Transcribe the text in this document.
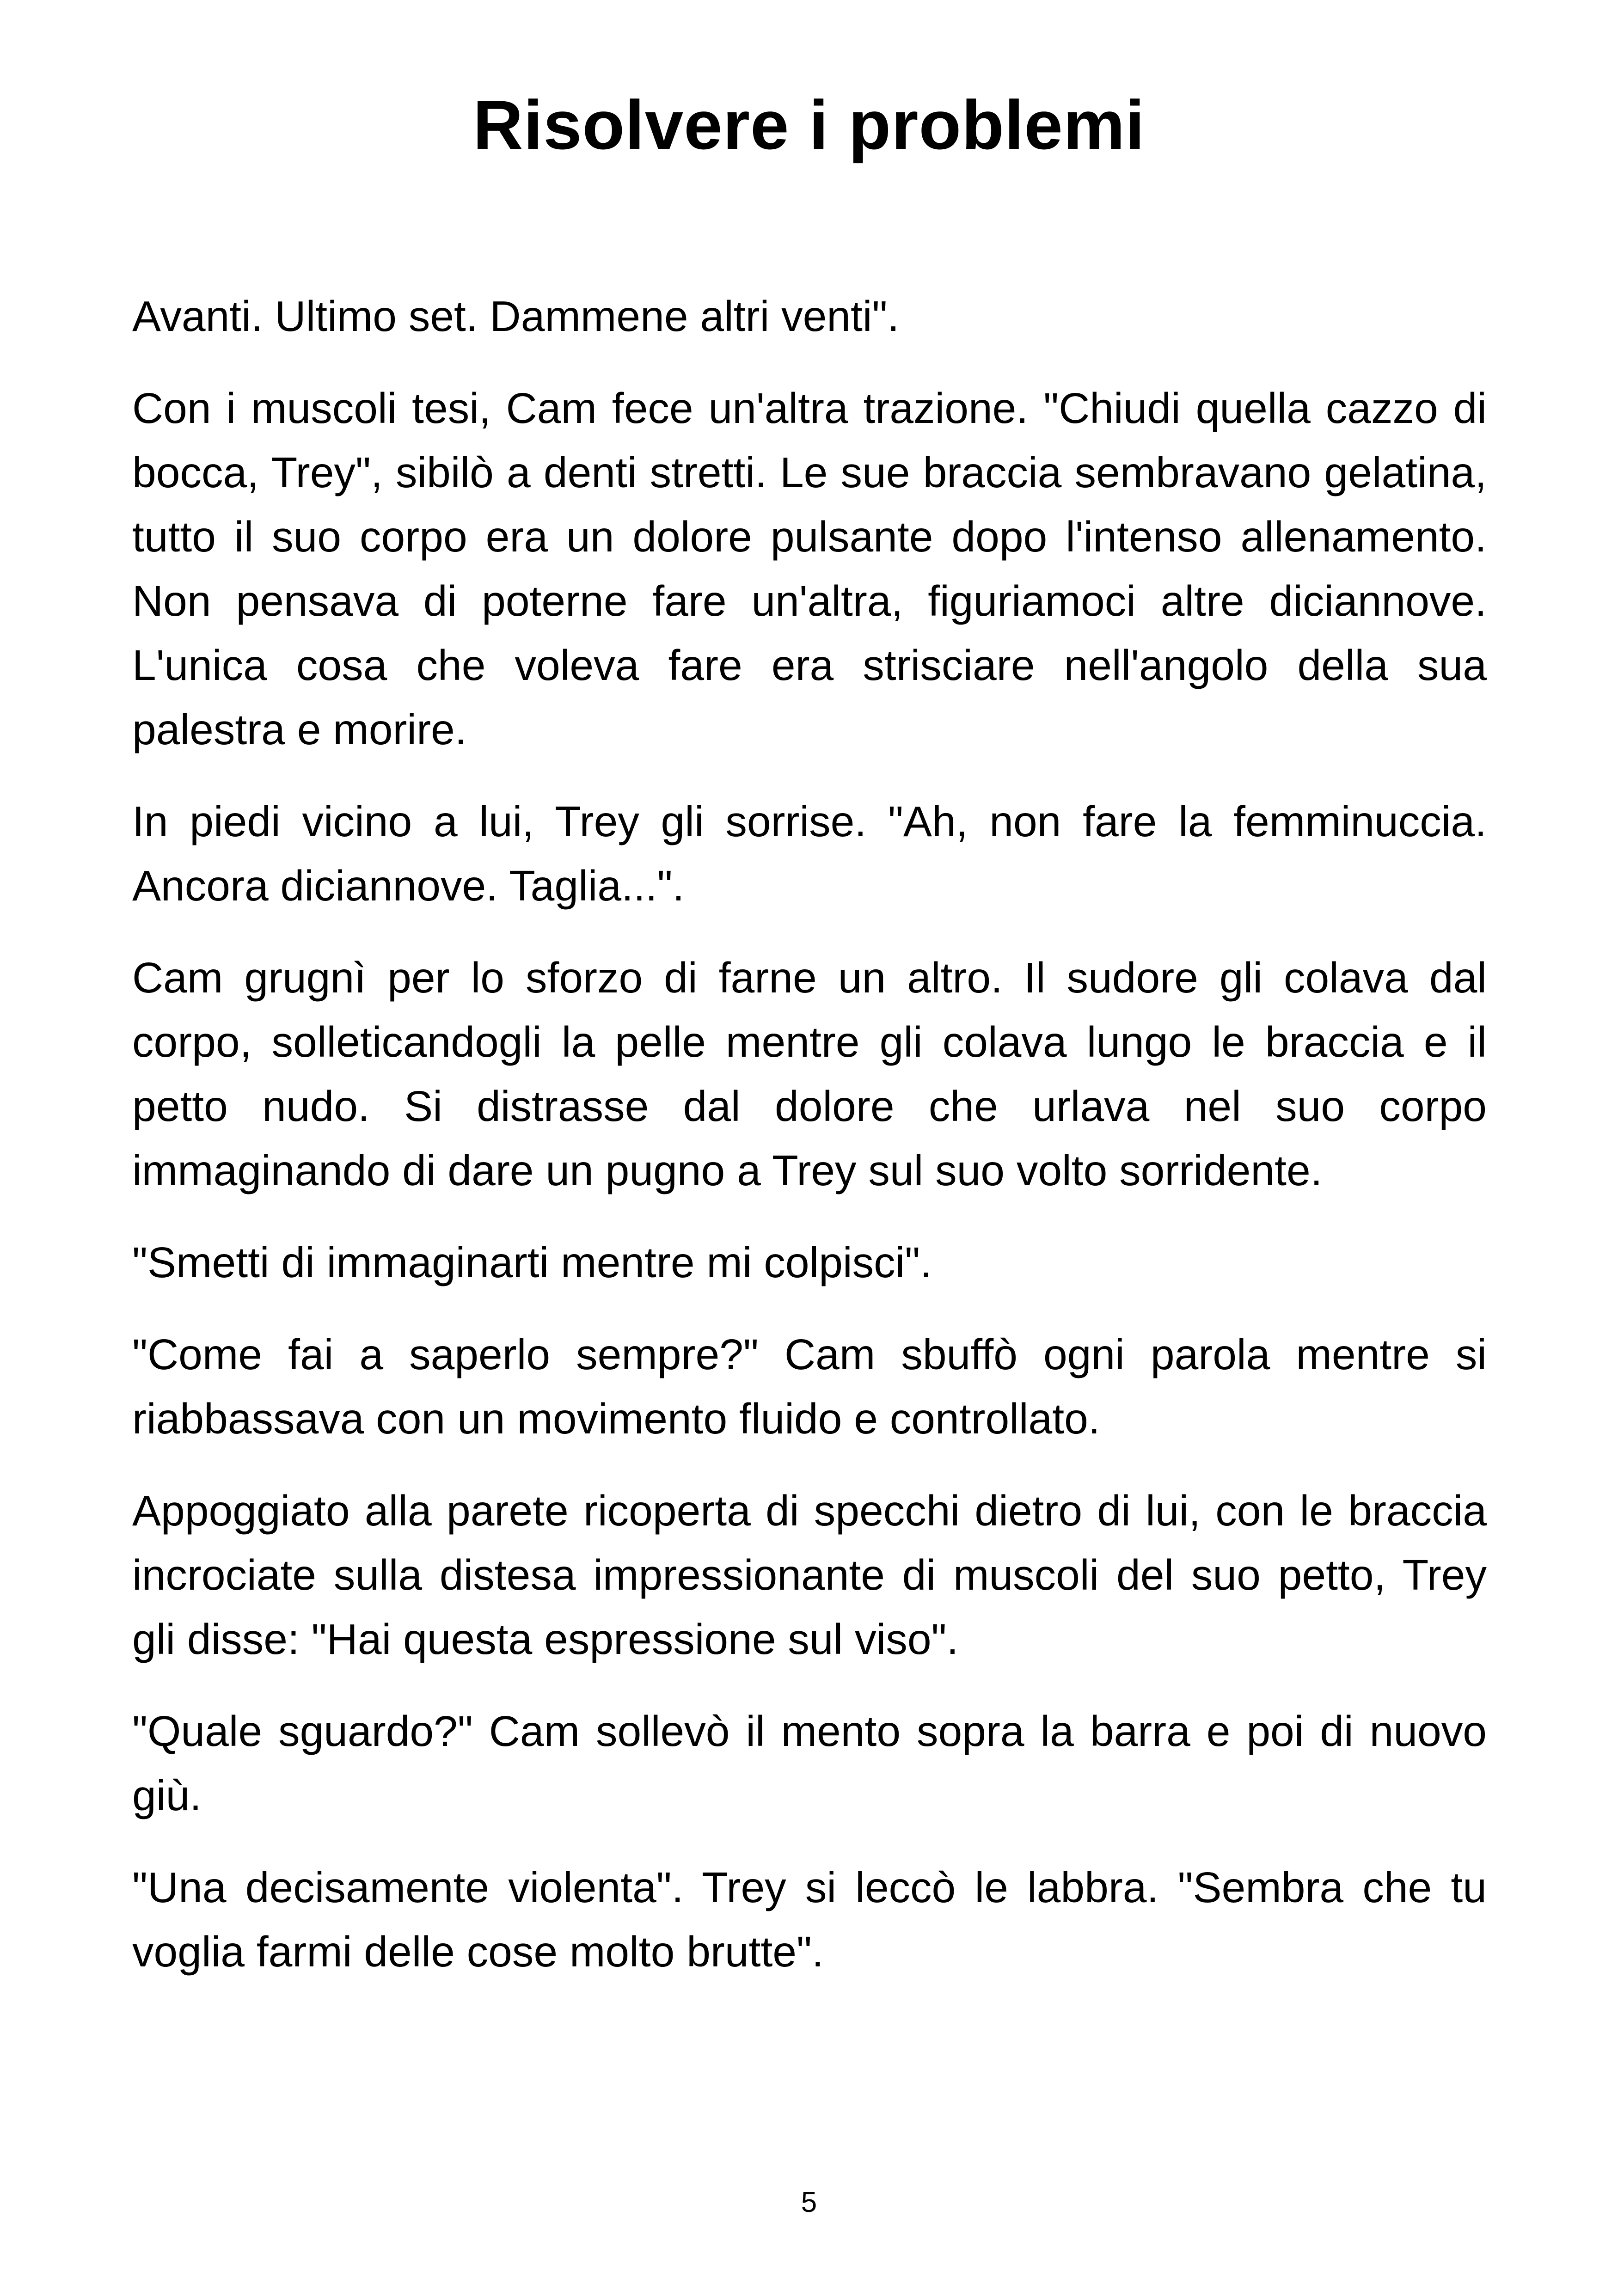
Risolvere i problemi

Avanti. Ultimo set. Dammene altri venti".

Con i muscoli tesi, Cam fece un'altra trazione. "Chiudi quella cazzo di bocca, Trey", sibilò a denti stretti. Le sue braccia sembravano gelatina, tutto il suo corpo era un dolore pulsante dopo l'intenso allenamento. Non pensava di poterne fare un'altra, figuriamoci altre diciannove. L'unica cosa che voleva fare era strisciare nell'angolo della sua palestra e morire.

In piedi vicino a lui, Trey gli sorrise. "Ah, non fare la femminuccia. Ancora diciannove. Taglia...".

Cam grugnì per lo sforzo di farne un altro. Il sudore gli colava dal corpo, solleticandogli la pelle mentre gli colava lungo le braccia e il petto nudo. Si distrasse dal dolore che urlava nel suo corpo immaginando di dare un pugno a Trey sul suo volto sorridente.

"Smetti di immaginarti mentre mi colpisci".

"Come fai a saperlo sempre?" Cam sbuffò ogni parola mentre si riabbassava con un movimento fluido e controllato.

Appoggiato alla parete ricoperta di specchi dietro di lui, con le braccia incrociate sulla distesa impressionante di muscoli del suo petto, Trey gli disse: "Hai questa espressione sul viso".

"Quale sguardo?" Cam sollevò il mento sopra la barra e poi di nuovo giù.

"Una decisamente violenta". Trey si leccò le labbra. "Sembra che tu voglia farmi delle cose molto brutte".

5
